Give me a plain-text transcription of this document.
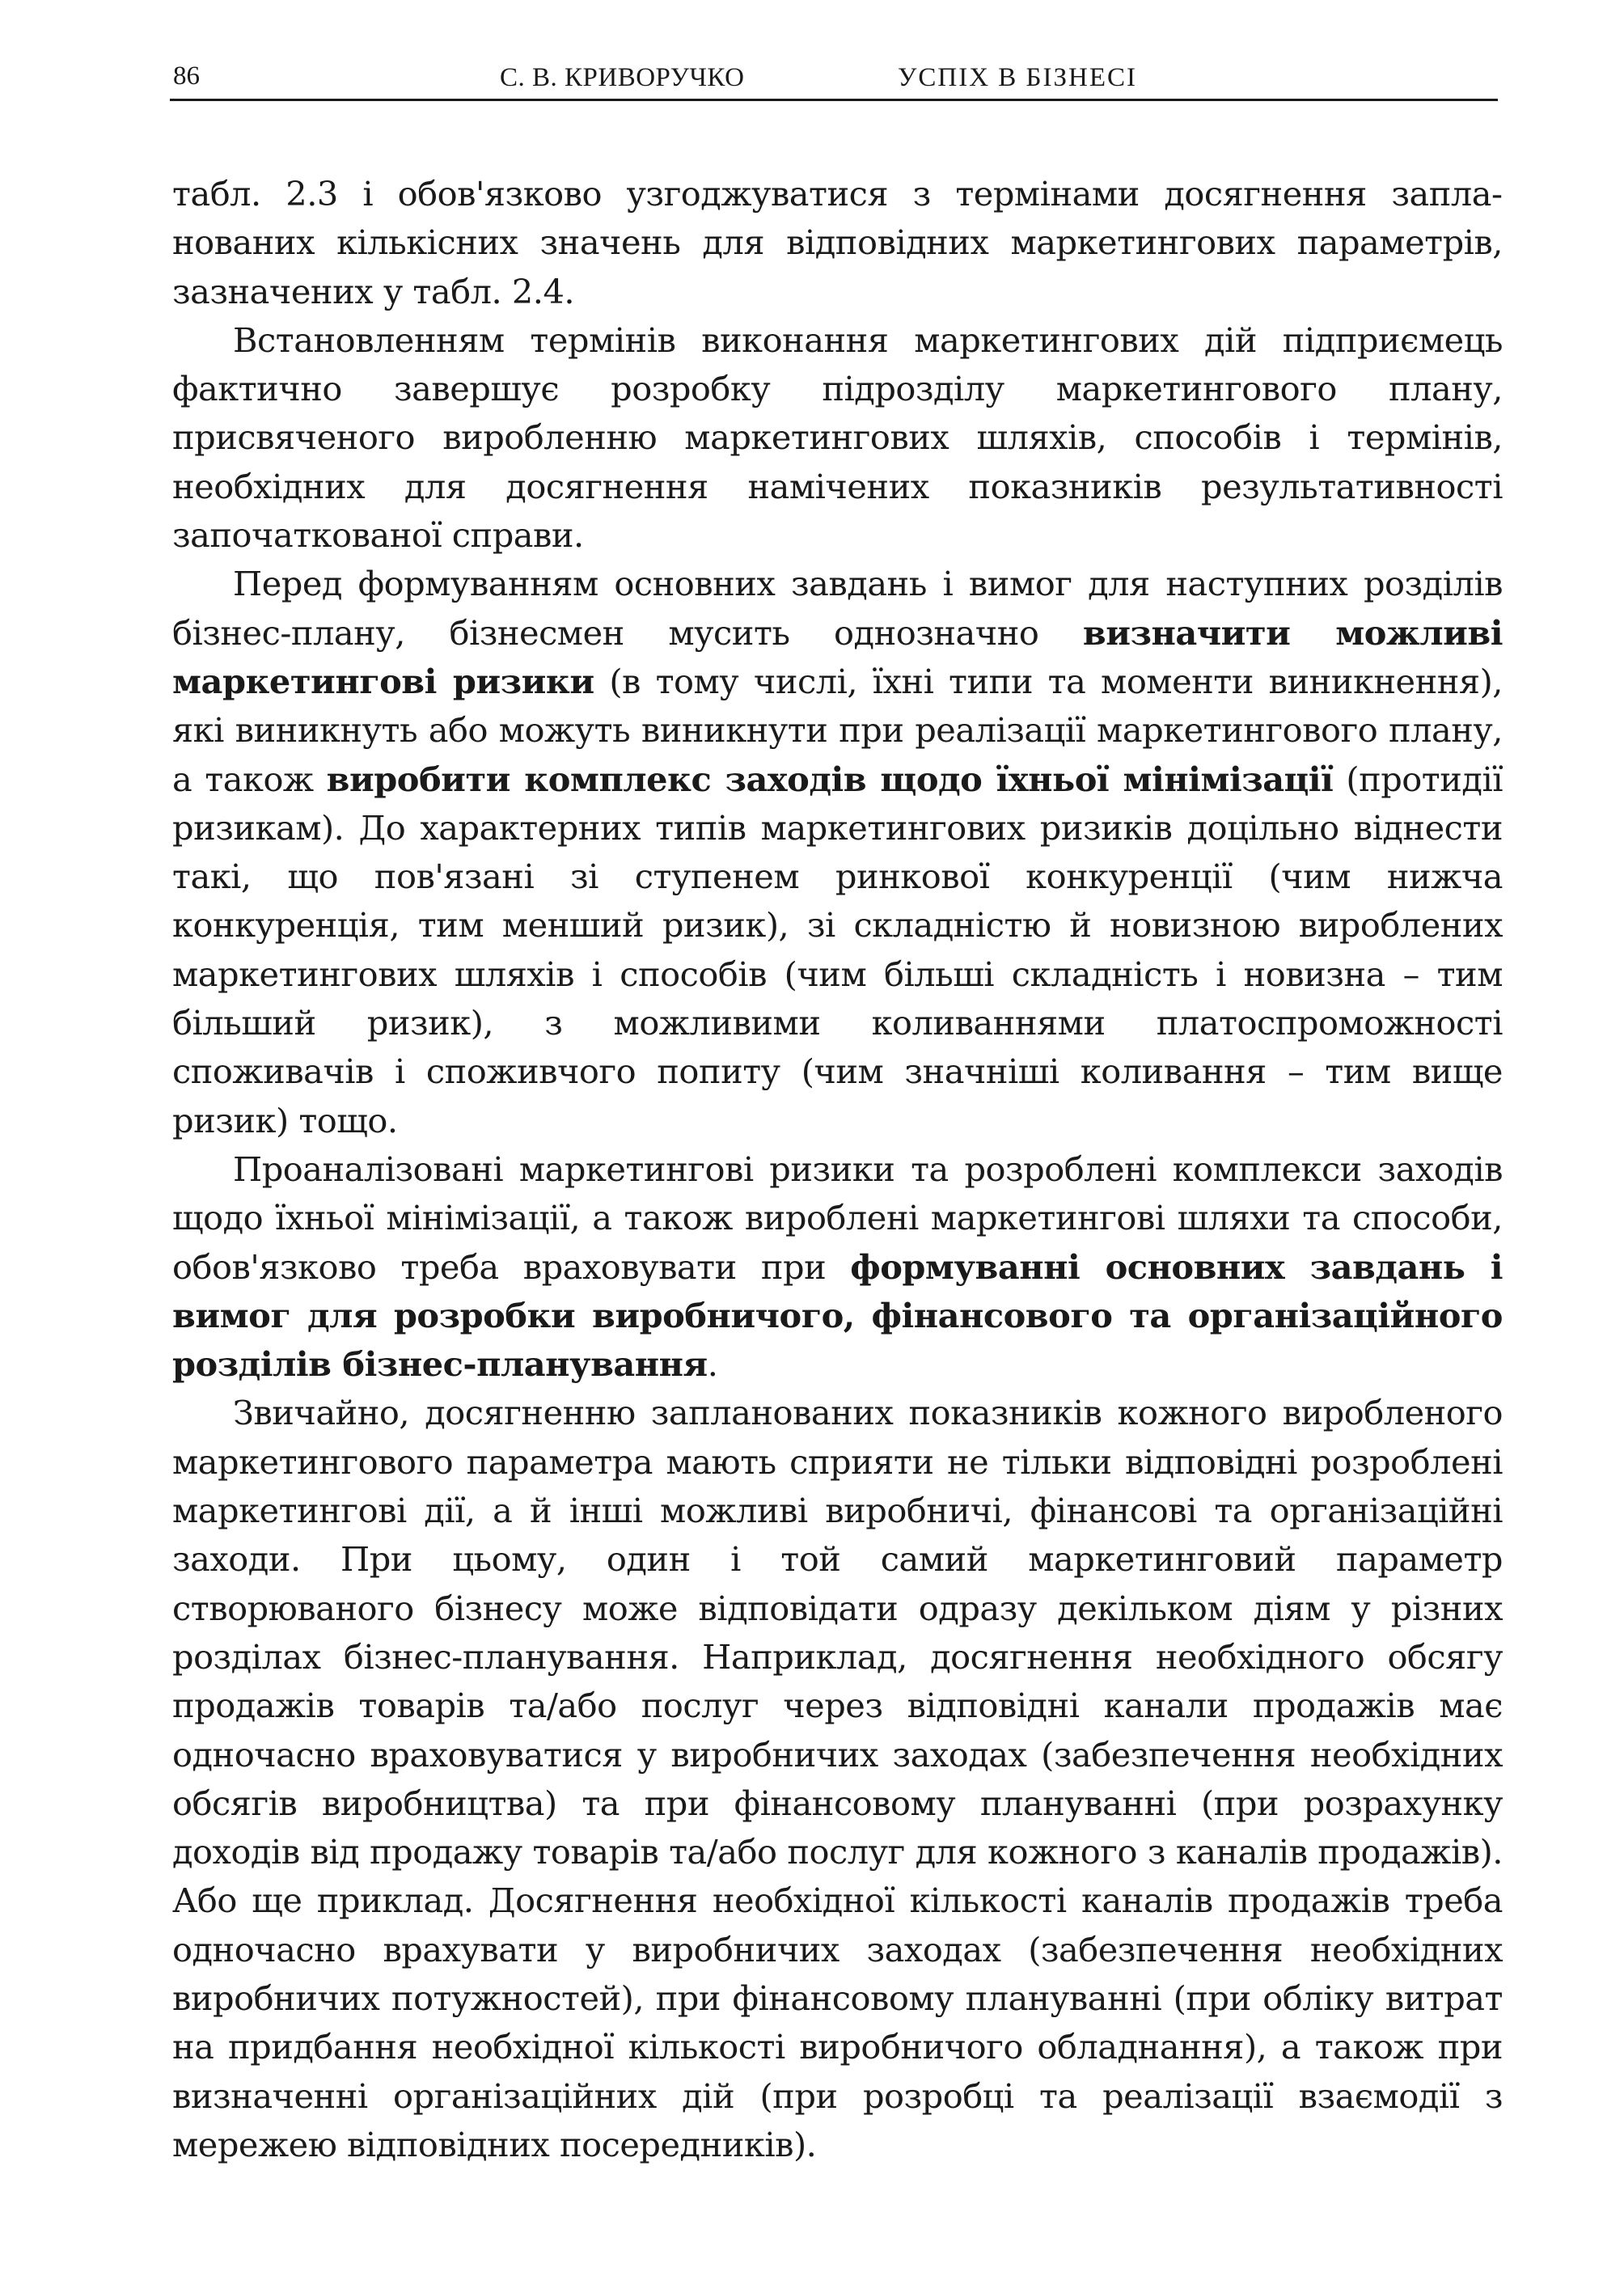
86	С. В. КРИВОРУЧКО	УСПІХ В БІЗНЕСІ

табл. 2.3 і обов'язково узгоджуватися з термінами досягнення запланованих кількісних значень для відповідних маркетингових параметрів, зазначених у табл. 2.4.

Встановленням термінів виконання маркетингових дій підприємець фактично завершує розробку підрозділу маркетингового плану, присвяченого виробленню маркетингових шляхів, способів і термінів, необхідних для досягнення намічених показників результативності започаткованої справи.

Перед формуванням основних завдань і вимог для наступних розділів бізнес-плану, бізнесмен мусить однозначно визначити можливі маркетингові ризики (в тому числі, їхні типи та моменти виникнення), які виникнуть або можуть виникнути при реалізації маркетингового плану, а також виробити комплекс заходів щодо їхньої мінімізації (протидії ризикам). До характерних типів маркетингових ризиків доцільно віднести такі, що пов'язані зі ступенем ринкової конкуренції (чим нижча конкуренція, тим менший ризик), зі складністю й новизною вироблених маркетингових шляхів і способів (чим більші складність і новизна – тим більший ризик), з можливими коливаннями платоспроможності споживачів і споживчого попиту (чим значніші коливання – тим вище ризик) тощо.

Проаналізовані маркетингові ризики та розроблені комплекси заходів щодо їхньої мінімізації, а також вироблені маркетингові шляхи та способи, обов'язково треба враховувати при формуванні основних завдань і вимог для розробки виробничого, фінансового та організаційного розділів бізнес-планування.

Звичайно, досягненню запланованих показників кожного виробленого маркетингового параметра мають сприяти не тільки відповідні розроблені маркетингові дії, а й інші можливі виробничі, фінансові та організаційні заходи. При цьому, один і той самий маркетинговий параметр створюваного бізнесу може відповідати одразу декільком діям у різних розділах бізнес-планування. Наприклад, досягнення необхідного обсягу продажів товарів та/або послуг через відповідні канали продажів має одночасно враховуватися у виробничих заходах (забезпечення необхідних обсягів виробництва) та при фінансовому плануванні (при розрахунку доходів від продажу товарів та/або послуг для кожного з каналів продажів). Або ще приклад. Досягнення необхідної кількості каналів продажів треба одночасно врахувати у виробничих заходах (забезпечення необхідних виробничих потужностей), при фінансовому плануванні (при обліку витрат на придбання необхідної кількості виробничого обладнання), а також при визначенні організаційних дій (при розробці та реалізації взаємодії з мережею відповідних посередників).
